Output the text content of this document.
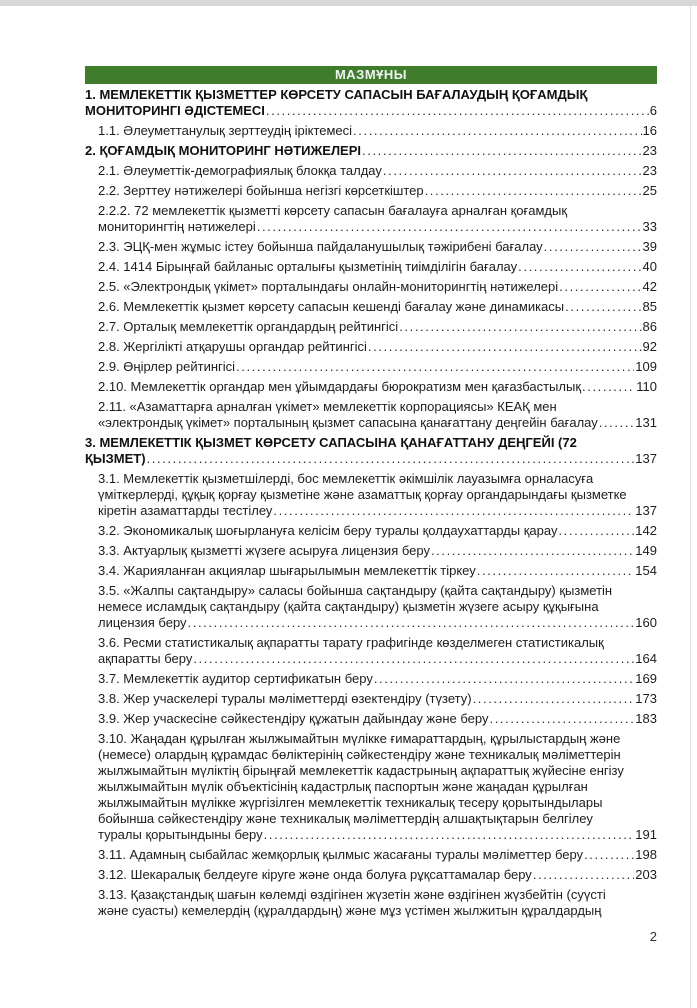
МАЗМҰНЫ
1. МЕМЛЕКЕТТІК ҚЫЗМЕТТЕР КӨРСЕТУ САПАСЫН БАҒАЛАУДЫҢ ҚОҒАМДЫҚ
МОНИТОРИНГІ ӘДІСТЕМЕСІ .....	6
1.1. Әлеуметтанулық зерттеудің іріктемесі .....	16
2. ҚОҒАМДЫҚ МОНИТОРИНГ НӘТИЖЕЛЕРІ .....	23
2.1. Әлеуметтік-демографиялық блокқа талдау .....	23
2.2. Зерттеу нәтижелері бойынша негізгі көрсеткіштер .....	25
2.2.2. 72 мемлекеттік қызметті көрсету сапасын бағалауға арналған қоғамдық
мониторингтің нәтижелері .....	33
2.3. ЭЦҚ-мен жұмыс істеу бойынша пайдаланушылық тәжірибені бағалау .....	39
2.4. 1414 Бірыңғай байланыс орталығы қызметінің тиімділігін бағалау .....	40
2.5. «Электрондық үкімет» порталындағы онлайн-мониторингтің нәтижелері .....	42
2.6. Мемлекеттік қызмет көрсету сапасын кешенді бағалау және динамикасы .....	85
2.7. Орталық мемлекеттік органдардың рейтингісі .....	86
2.8. Жергілікті атқарушы органдар рейтингісі .....	92
2.9. Өңірлер рейтингісі .....	109
2.10. Мемлекеттік органдар мен ұйымдардағы бюрократизм мен қағазбастылық .....	110
2.11. «Азаматтарға арналған үкімет» мемлекеттік корпорациясы» КЕАҚ мен
«электрондық үкімет» порталының қызмет сапасына қанағаттану деңгейін бағалау .....	131
3. МЕМЛЕКЕТТІК ҚЫЗМЕТ КӨРСЕТУ САПАСЫНА ҚАНАҒАТТАНУ ДЕҢГЕЙІ (72
ҚЫЗМЕТ) .....	137
3.1. Мемлекеттік қызметшілерді, бос мемлекеттік әкімшілік лауазымға орналасуға
үміткерлерді, құқық қорғау қызметіне және азаматтық қорғау органдарындағы қызметке
кіретін азаматтарды тестілеу .....	137
3.2. Экономикалық шоғырлануға келісім беру туралы қолдаухаттарды қарау .....	142
3.3. Актуарлық қызметті жүзеге асыруға лицензия беру .....	149
3.4. Жарияланған акциялар шығарылымын мемлекеттік тіркеу .....	154
3.5. «Жалпы сақтандыру» саласы бойынша сақтандыру (қайта сақтандыру) қызметін
немесе исламдық сақтандыру (қайта сақтандыру) қызметін жүзеге асыру құқығына
лицензия беру .....	160
3.6. Ресми статистикалық ақпаратты тарату графигінде көзделмеген статистикалық
ақпаратты беру .....	164
3.7. Мемлекеттік аудитор сертификатын беру .....	169
3.8. Жер учаскелері туралы мәліметтерді өзектендіру (түзету) .....	173
3.9. Жер учаскесіне сәйкестендіру құжатын дайындау және беру .....	183
3.10. Жаңадан құрылған жылжымайтын мүлікке ғимараттардың, құрылыстардың және
(немесе) олардың құрамдас бөліктерінің сәйкестендіру және техникалық мәліметтерін
жылжымайтын мүліктің бірыңғай мемлекеттік кадастрының ақпараттық жүйесіне енгізу
жылжымайтын мүлік объектісінің кадастрлық паспортын және жаңадан құрылған
жылжымайтын мүлікке жүргізілген мемлекеттік техникалық тесеру қорытындылары
бойынша сәйкестендіру және техникалық мәліметтердің алшақтықтарын белгілеу
туралы қорытындыны беру .....	191
3.11. Адамның сыбайлас жемқорлық қылмыс жасағаны туралы мәліметтер беру .....	198
3.12. Шекаралық белдеуге кіруге және онда болуға рұқсаттамалар беру .....	203
3.13. Қазақстандық шағын көлемді өздігінен жүзетін және өздігінен жүзбейтін (суүсті
және суасты) кемелердің (құралдардың) және мұз үстімен жылжитын құралдардың
2
